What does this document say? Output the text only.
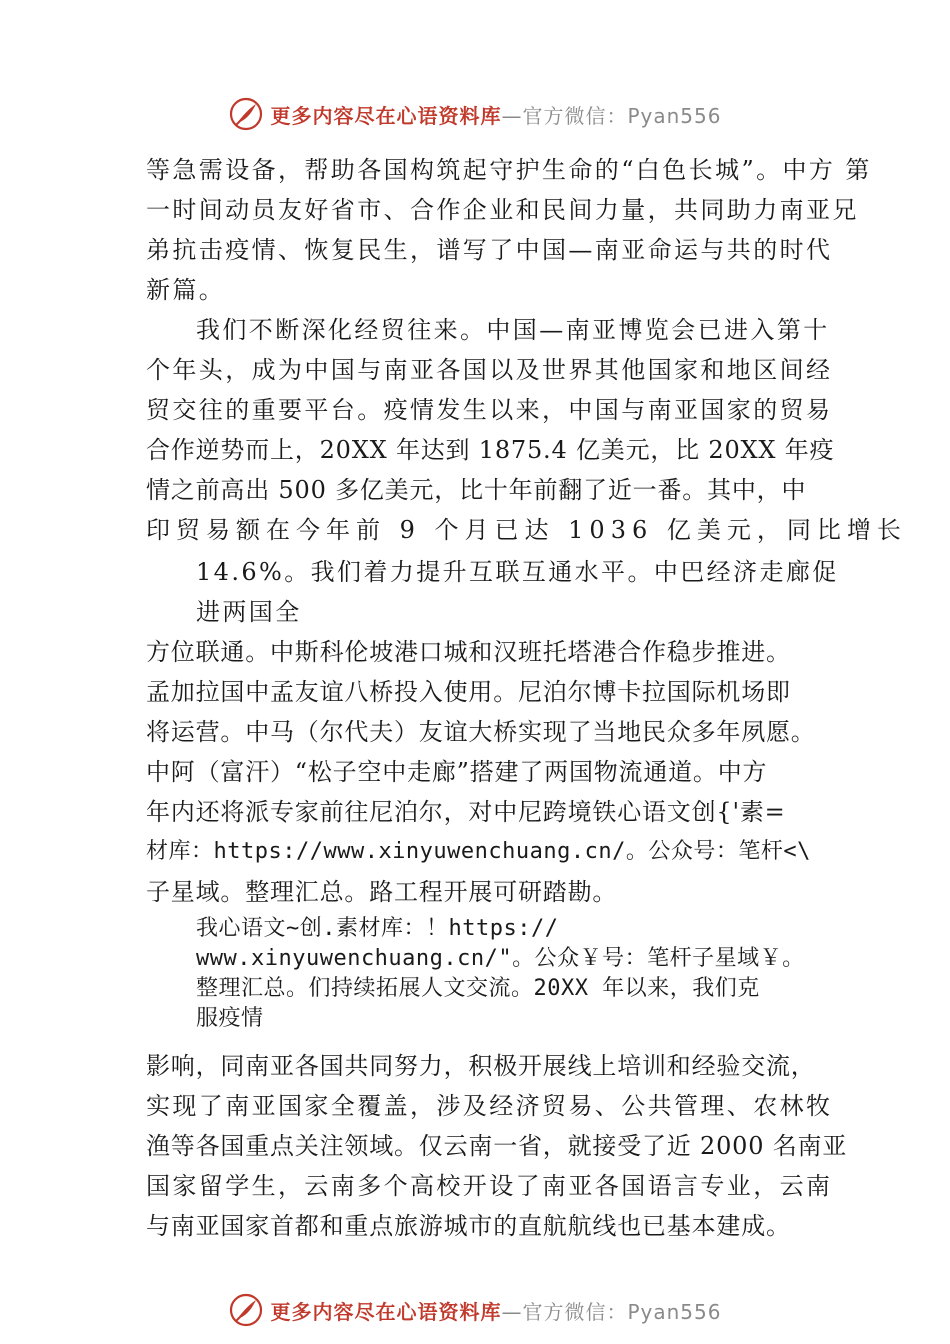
更多内容尽在心语资料库 —官方微信：Pyan556
等急需设备，帮助各国构筑起守护生命的“白色长城”。中方 第
一时间动员友好省市、合作企业和民间力量，共同助力南亚兄
弟抗击疫情、恢复民生，谱写了中国—南亚命运与共的时代
新篇。
我们不断深化经贸往来。中国—南亚博览会已进入第十
个年头，成为中国与南亚各国以及世界其他国家和地区间经
贸交往的重要平台。疫情发生以来，中国与南亚国家的贸易
合作逆势而上，20XX 年达到 1875.4 亿美元，比 20XX 年疫
情之前高出 500 多亿美元，比十年前翻了近一番。其中，中
印贸易额在今年前 9 个月已达 1036 亿美元，同比增长
14.6%。我们着力提升互联互通水平。中巴经济走廊促
进两国全
方位联通。中斯科伦坡港口城和汉班托塔港合作稳步推进。
孟加拉国中孟友谊八桥投入使用。尼泊尔博卡拉国际机场即
将运营。中马（尔代夫）友谊大桥实现了当地民众多年夙愿。
中阿（富汗）“松子空中走廊”搭建了两国物流通道。中方
年内还将派专家前往尼泊尔，对中尼跨境铁心语文创{'素=
材库：https://www.xinyuwenchuang.cn/。公众号：笔杆<\
子星域。整理汇总。路工程开展可研踏勘。
我心语文~创.素材库：！https://
www.xinyuwenchuang.cn/"。公众￥号：笔杆子星域￥。
整理汇总。们持续拓展人文交流。20XX 年以来，我们克
服疫情
影响，同南亚各国共同努力，积极开展线上培训和经验交流，
实现了南亚国家全覆盖，涉及经济贸易、公共管理、农林牧
渔等各国重点关注领域。仅云南一省，就接受了近 2000 名南亚
国家留学生，云南多个高校开设了南亚各国语言专业，云南
与南亚国家首都和重点旅游城市的直航航线也已基本建成。
更多内容尽在心语资料库 —官方微信：Pyan556
